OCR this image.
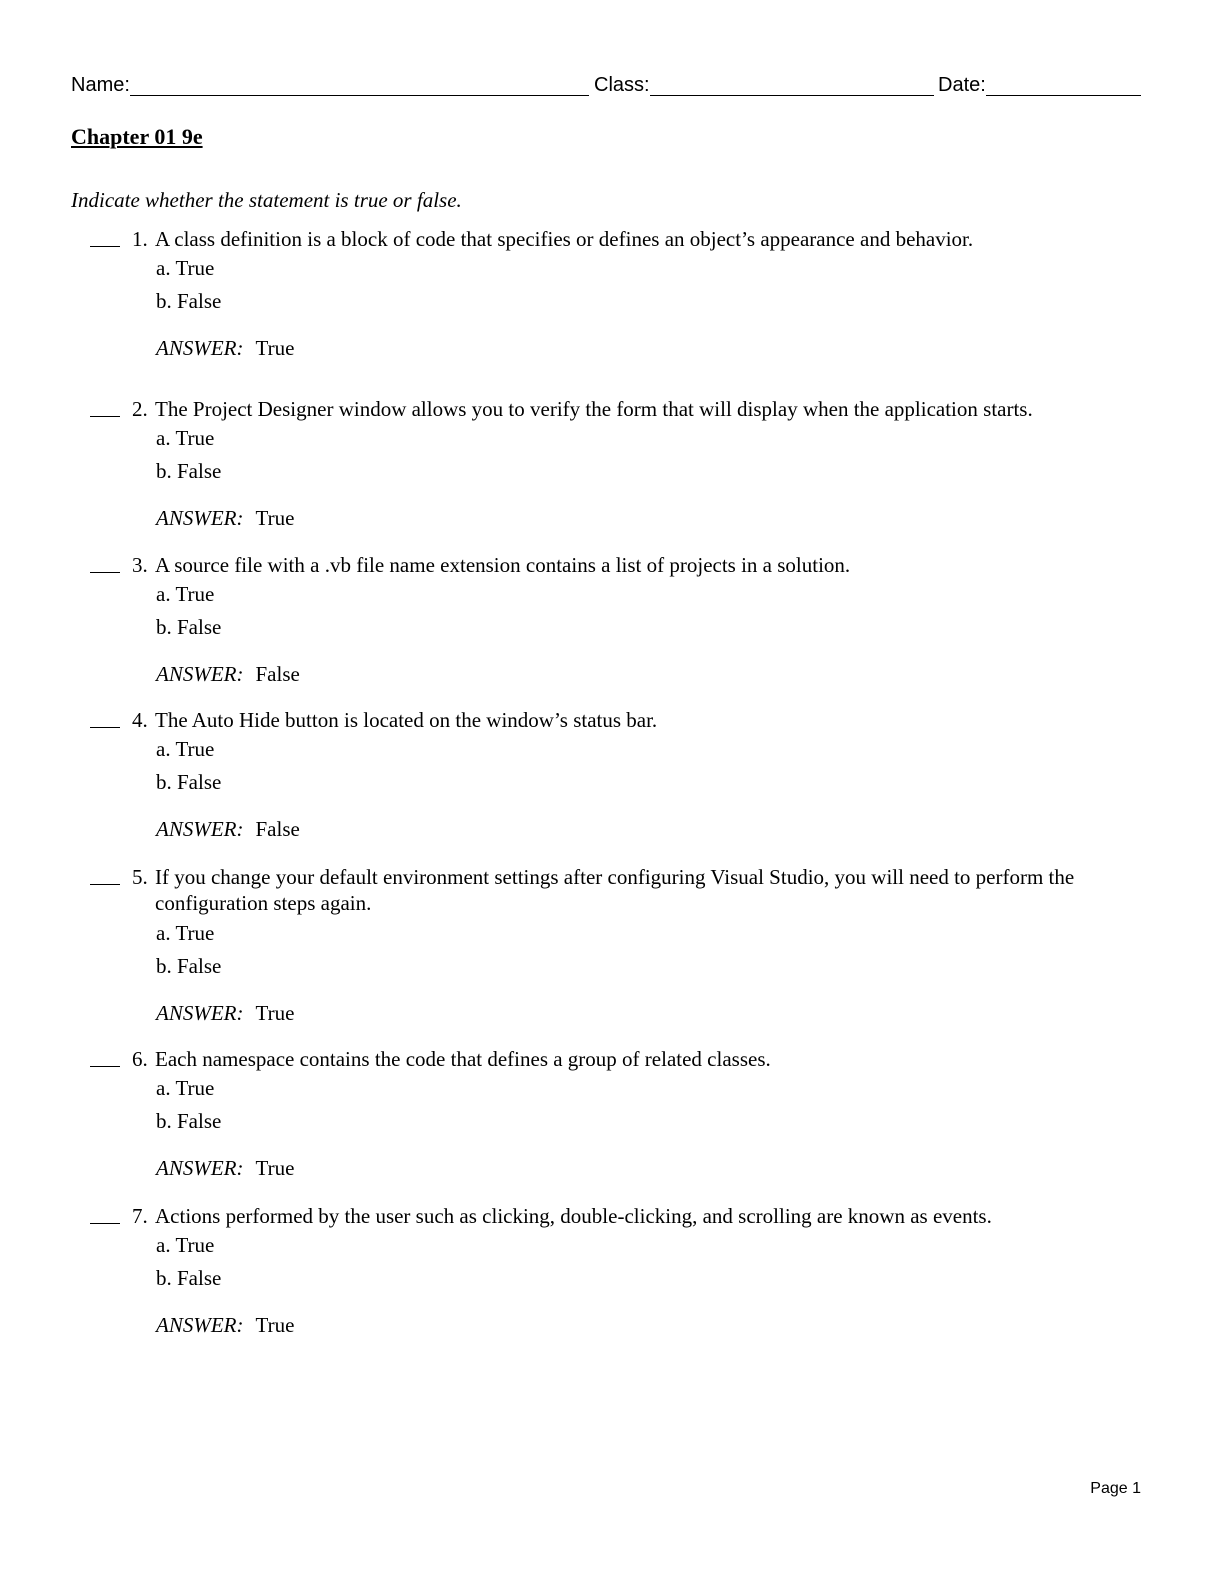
Name:	Class:	Date:
Chapter 01 9e
Indicate whether the statement is true or false.
1. A class definition is a block of code that specifies or defines an object’s appearance and behavior.
a. True
b. False
ANSWER: True
2. The Project Designer window allows you to verify the form that will display when the application starts.
a. True
b. False
ANSWER: True
3. A source file with a .vb file name extension contains a list of projects in a solution.
a. True
b. False
ANSWER: False
4. The Auto Hide button is located on the window’s status bar.
a. True
b. False
ANSWER: False
5. If you change your default environment settings after configuring Visual Studio, you will need to perform the configuration steps again.
a. True
b. False
ANSWER: True
6. Each namespace contains the code that defines a group of related classes.
a. True
b. False
ANSWER: True
7. Actions performed by the user such as clicking, double-clicking, and scrolling are known as events.
a. True
b. False
ANSWER: True
Page 1
